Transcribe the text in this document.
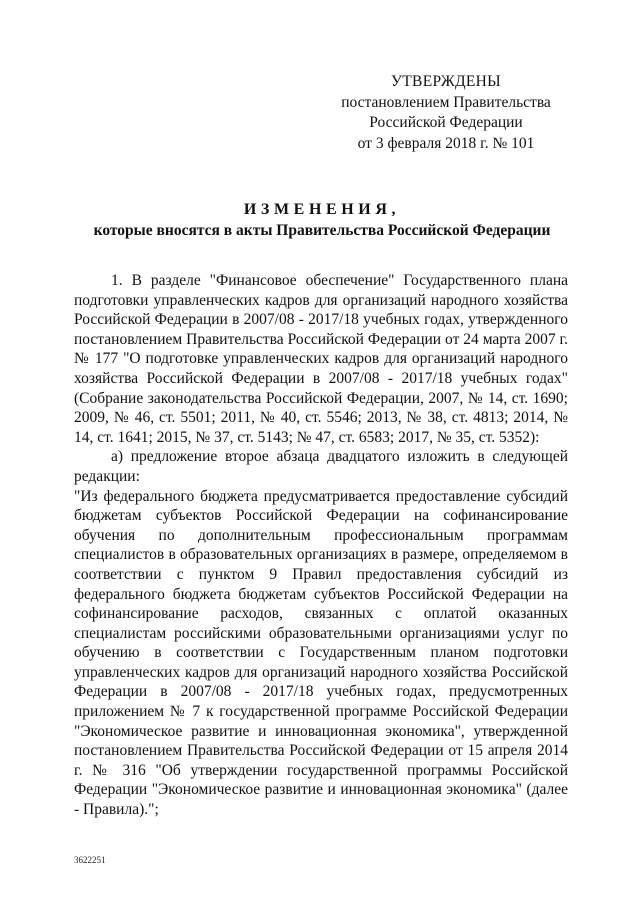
УТВЕРЖДЕНЫ
постановлением Правительства
Российской Федерации
от 3 февраля 2018 г. № 101
ИЗМЕНЕНИЯ,
которые вносятся в акты Правительства Российской Федерации

1. В разделе "Финансовое обеспечение" Государственного плана подготовки управленческих кадров для организаций народного хозяйства Российской Федерации в 2007/08 - 2017/18 учебных годах, утвержденного постановлением Правительства Российской Федерации от 24 марта 2007 г. № 177 "О подготовке управленческих кадров для организаций народного хозяйства Российской Федерации в 2007/08 - 2017/18 учебных годах" (Собрание законодательства Российской Федерации, 2007, № 14, ст. 1690; 2009, № 46, ст. 5501; 2011, № 40, ст. 5546; 2013, № 38, ст. 4813; 2014, № 14, ст. 1641; 2015, № 37, ст. 5143; № 47, ст. 6583; 2017, № 35, ст. 5352):

а) предложение второе абзаца двадцатого изложить в следующей редакции:

"Из федерального бюджета предусматривается предоставление субсидий бюджетам субъектов Российской Федерации на софинансирование обучения по дополнительным профессиональным программам специалистов в образовательных организациях в размере, определяемом в соответствии с пунктом 9 Правил предоставления субсидий из федерального бюджета бюджетам субъектов Российской Федерации на софинансирование расходов, связанных с оплатой оказанных специалистам российскими образовательными организациями услуг по обучению в соответствии с Государственным планом подготовки управленческих кадров для организаций народного хозяйства Российской Федерации в 2007/08 - 2017/18 учебных годах, предусмотренных приложением № 7 к государственной программе Российской Федерации "Экономическое развитие и инновационная экономика", утвержденной постановлением Правительства Российской Федерации от 15 апреля 2014 г. № 316 "Об утверждении государственной программы Российской Федерации "Экономическое развитие и инновационная экономика" (далее - Правила).";

3622251
